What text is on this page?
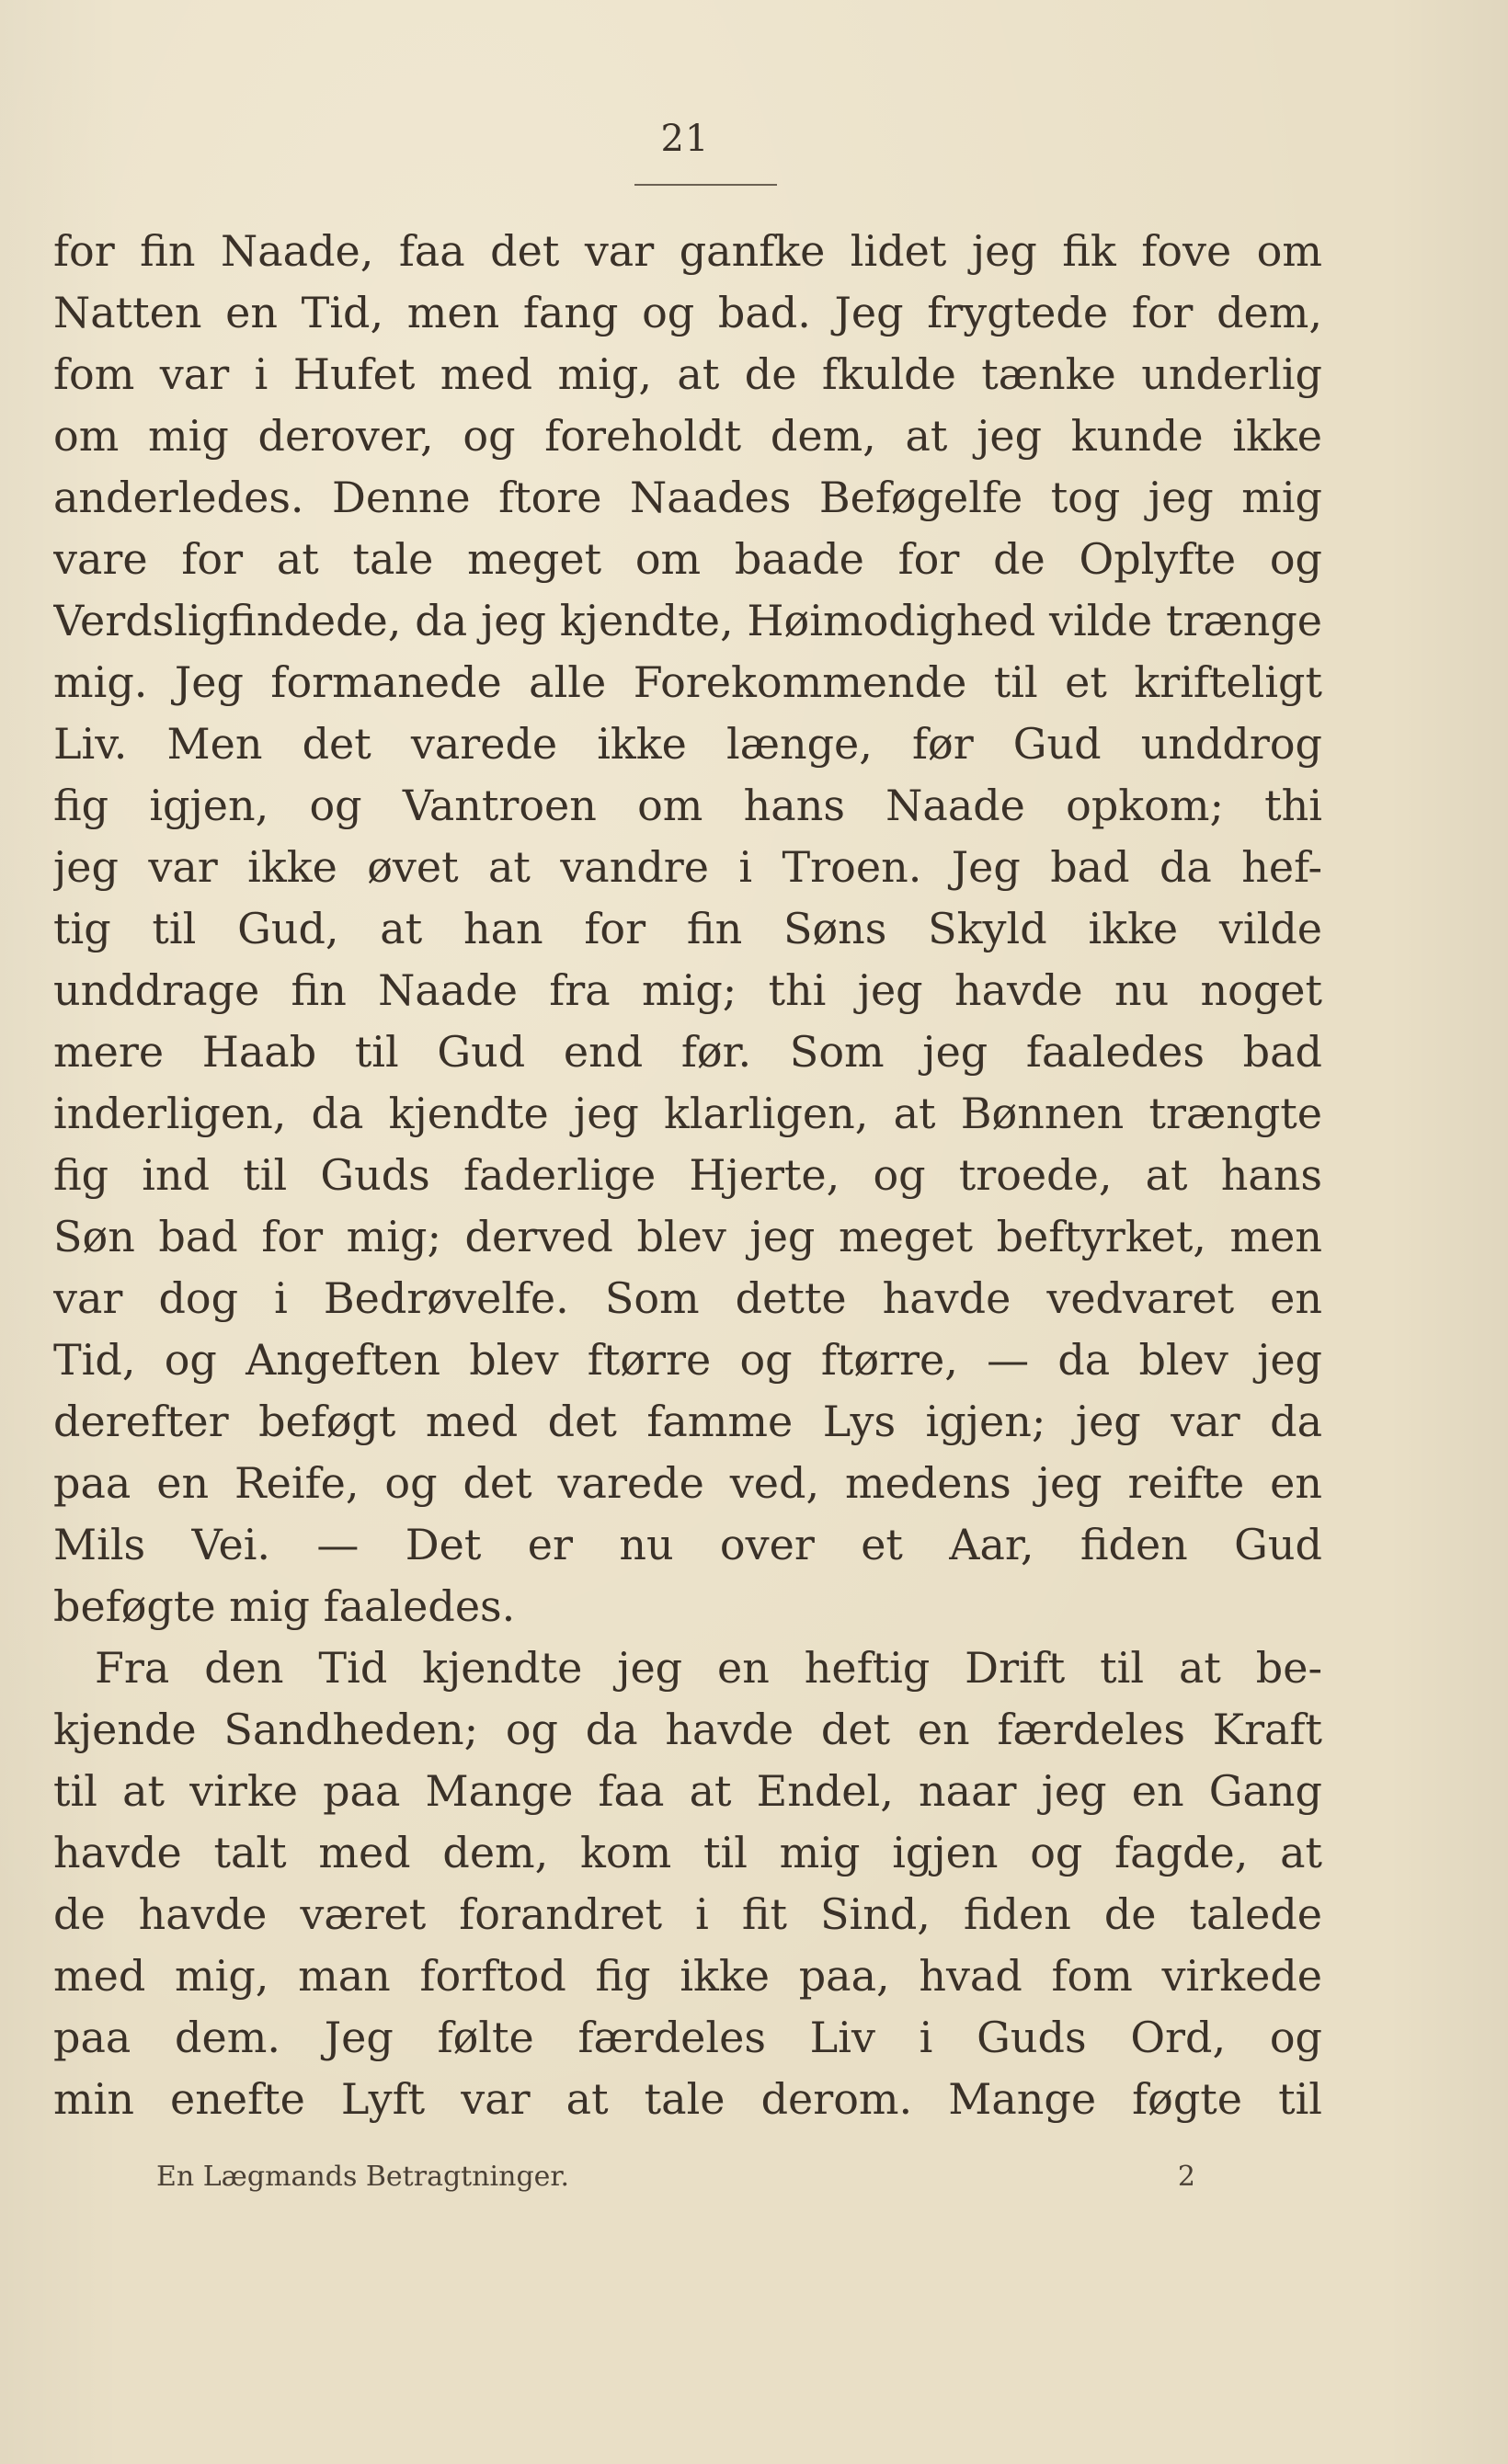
21
for fin Naade, faa det var ganfke lidet jeg fik fove om
Natten en Tid, men fang og bad. Jeg frygtede for dem,
fom var i Hufet med mig, at de fkulde tænke underlig
om mig derover, og foreholdt dem, at jeg kunde ikke
anderledes. Denne ftore Naades Beføgelfe tog jeg mig
vare for at tale meget om baade for de Oplyfte og
Verdsligfindede, da jeg kjendte, Høimodighed vilde trænge
mig. Jeg formanede alle Forekommende til et krifteligt
Liv. Men det varede ikke længe, før Gud unddrog
fig igjen, og Vantroen om hans Naade opkom; thi
jeg var ikke øvet at vandre i Troen. Jeg bad da hef-
tig til Gud, at han for fin Søns Skyld ikke vilde
unddrage fin Naade fra mig; thi jeg havde nu noget
mere Haab til Gud end før. Som jeg faaledes bad
inderligen, da kjendte jeg klarligen, at Bønnen trængte
fig ind til Guds faderlige Hjerte, og troede, at hans
Søn bad for mig; derved blev jeg meget beftyrket, men
var dog i Bedrøvelfe. Som dette havde vedvaret en
Tid, og Angeften blev ftørre og ftørre, — da blev jeg
derefter beføgt med det famme Lys igjen; jeg var da
paa en Reife, og det varede ved, medens jeg reifte en
Mils Vei. — Det er nu over et Aar, fiden Gud
beføgte mig faaledes.
Fra den Tid kjendte jeg en heftig Drift til at be-
kjende Sandheden; og da havde det en færdeles Kraft
til at virke paa Mange faa at Endel, naar jeg en Gang
havde talt med dem, kom til mig igjen og fagde, at
de havde været forandret i fit Sind, fiden de talede
med mig, man forftod fig ikke paa, hvad fom virkede
paa dem. Jeg følte færdeles Liv i Guds Ord, og
min enefte Lyft var at tale derom. Mange føgte til
En Lægmands Betragtninger.	2
